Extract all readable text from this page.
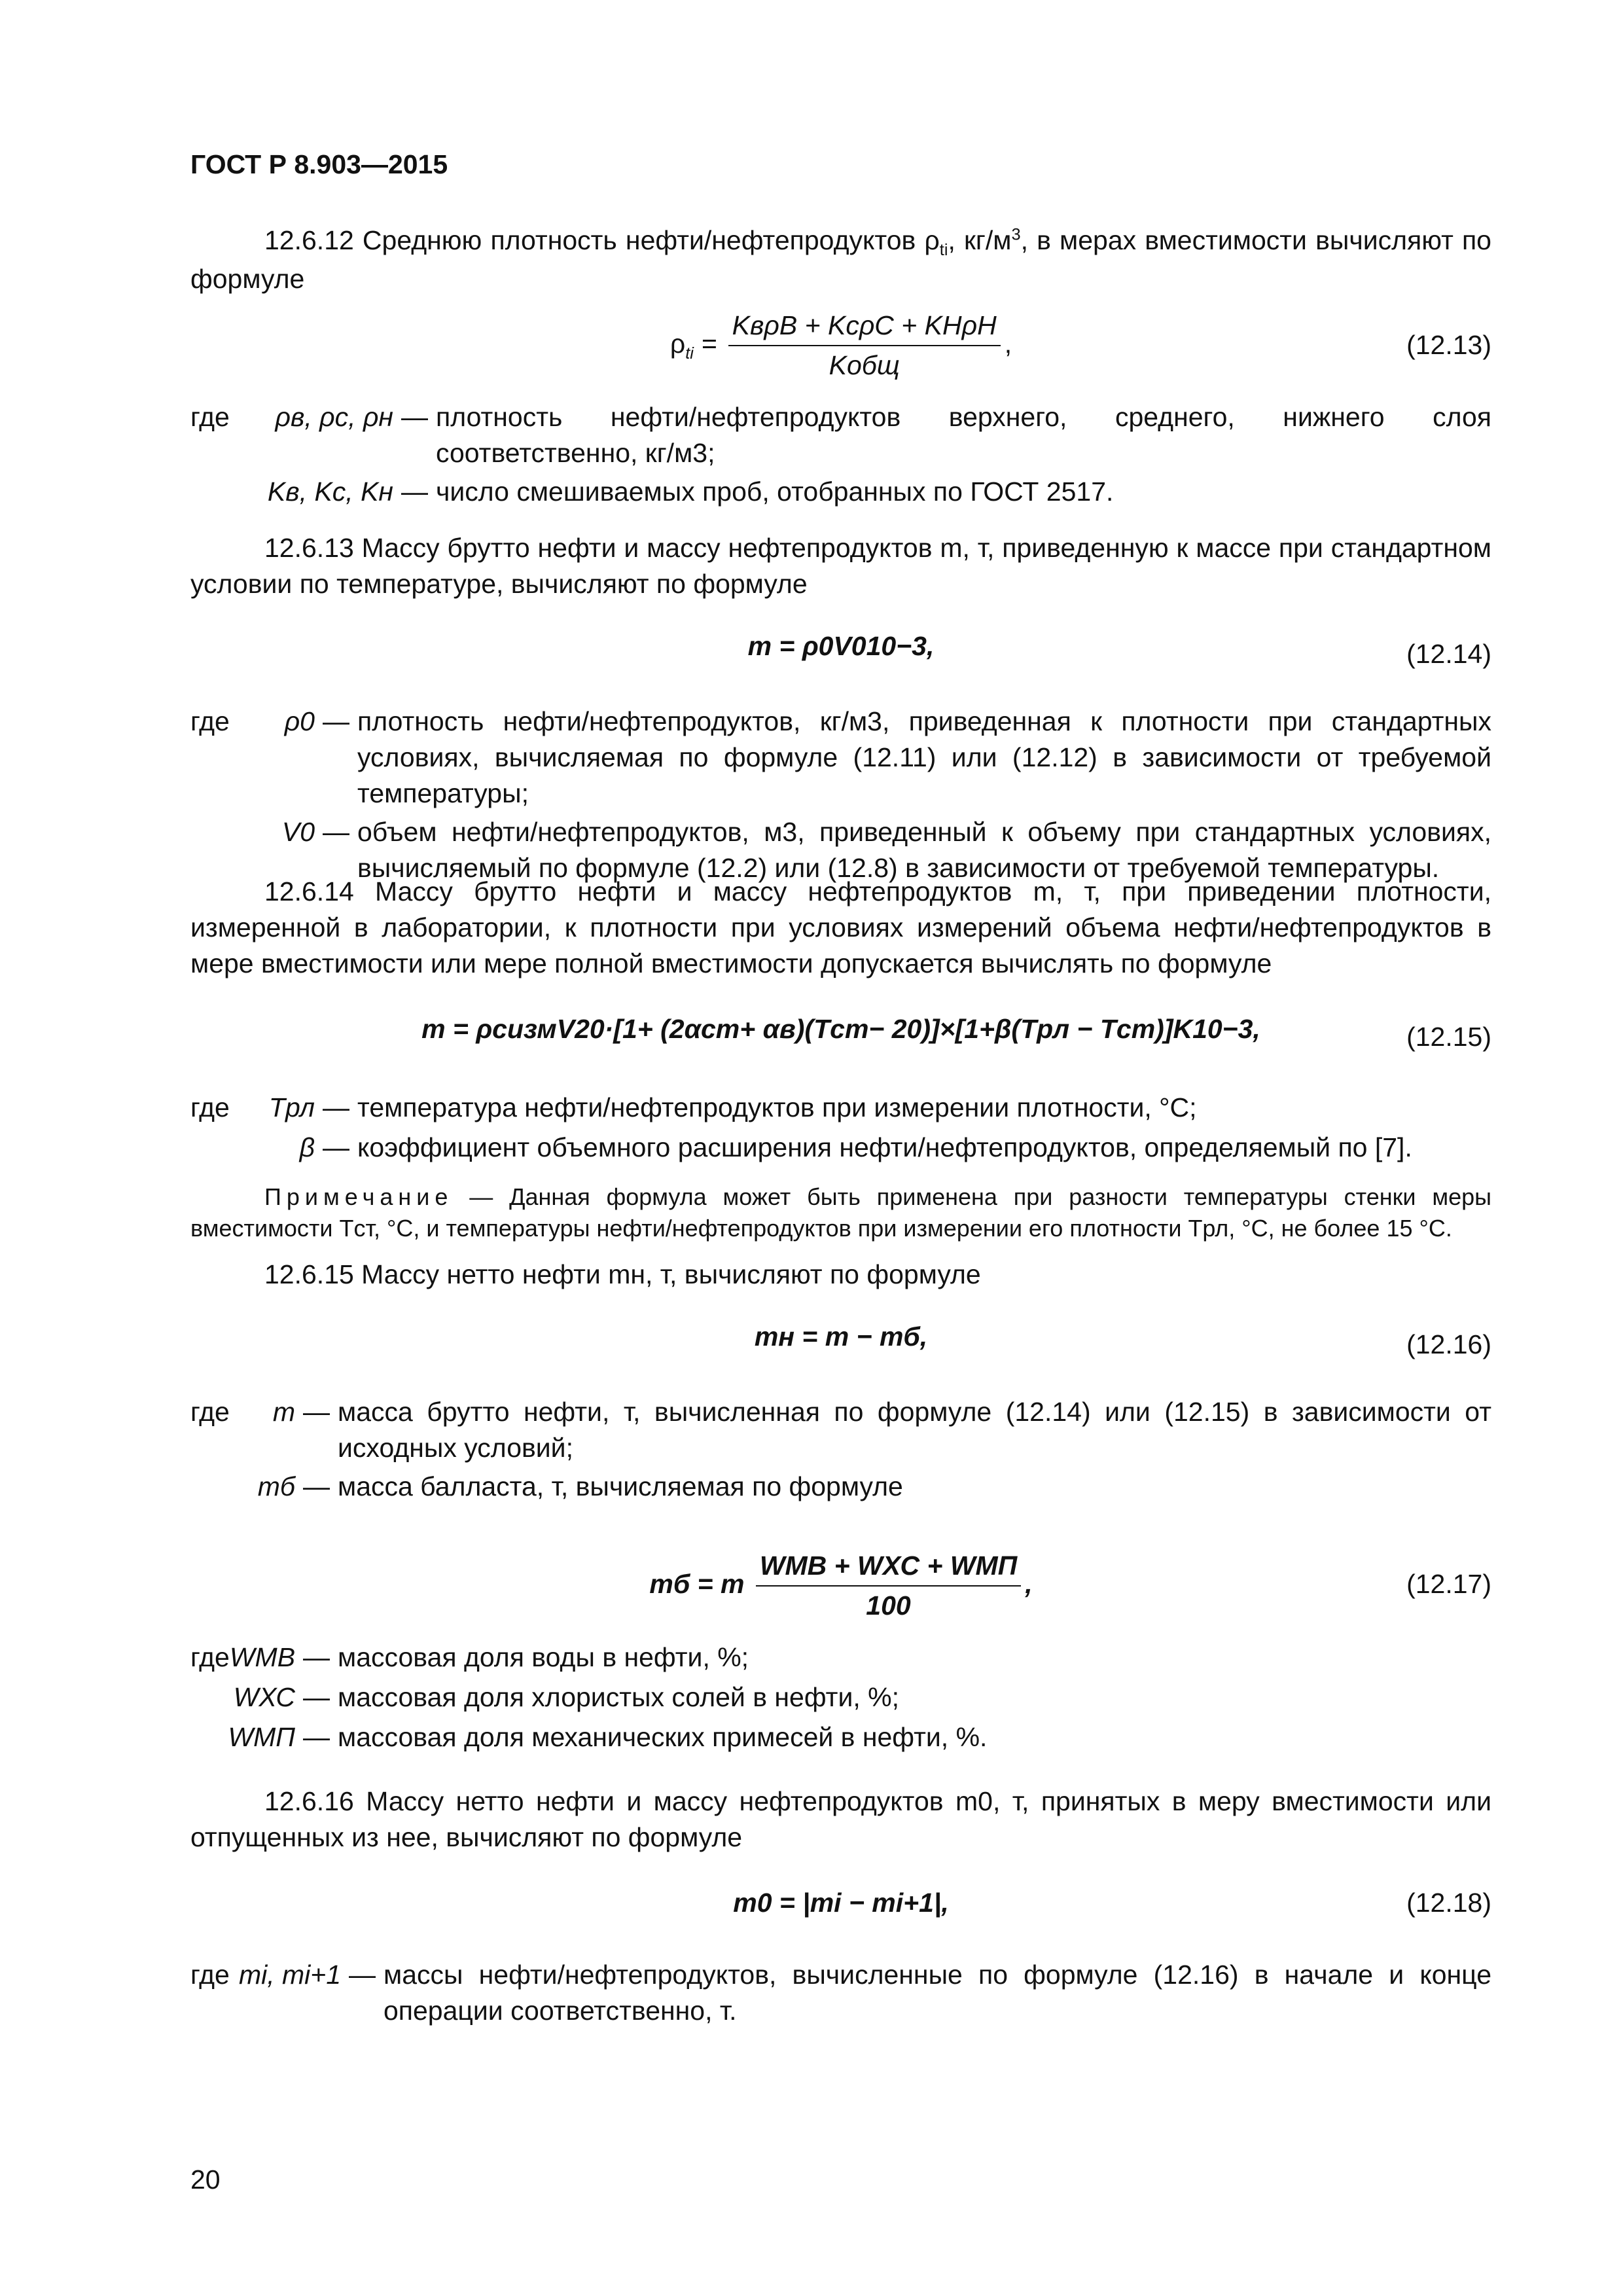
ГОСТ Р 8.903—2015

12.6.12 Среднюю плотность нефти/нефтепродуктов $\rho_{ti}$, $кг/м^3$, в мерах вместимости вычисляют по формуле

$\rho_{ti} = \frac{\text{KвρВ + KсρС + KНρН}}{\text{Kобщ}}$ ,	(12.13)
где ρв, ρс, ρн — плотность нефти/нефтепродуктов верхнего, среднего, нижнего слоя соответственно, кг/м3;
Kв, Kс, Kн — число смешиваемых проб, отобранных по ГОСТ 2517.

12.6.13 Массу брутто нефти и массу нефтепродуктов m, т, приведенную к массе при стандартном условии по температуре, вычисляют по формуле

m = ρ0V010−3,	(12.14)
где ρ0 — плотность нефти/нефтепродуктов, кг/м3, приведенная к плотности при стандартных условиях, вычисляемая по формуле (12.11) или (12.12) в зависимости от требуемой температуры;
V0 — объем нефти/нефтепродуктов, м3, приведенный к объему при стандартных условиях, вычисляемый по формуле (12.2) или (12.8) в зависимости от требуемой температуры.

12.6.14 Массу брутто нефти и массу нефтепродуктов m, т, при приведении плотности, измеренной в лаборатории, к плотности при условиях измерений объема нефти/нефтепродуктов в мере вместимости или мере полной вместимости допускается вычислять по формуле

m = ρсизмV20·[1+ (2αст+ αв)(Tст− 20)]×[1+β(Tрл − Tст)]K10−3,	(12.15)
где Tрл — температура нефти/нефтепродуктов при измерении плотности, °C;
β — коэффициент объемного расширения нефти/нефтепродуктов, определяемый по [7].

Примечание — Данная формула может быть применена при разности температуры стенки меры вместимости Tст, °C, и температуры нефти/нефтепродуктов при измерении его плотности Tрл, °C, не более 15 °C.

12.6.15 Массу нетто нефти mн, т, вычисляют по формуле

mн = m − mб,	(12.16)
где m — масса брутто нефти, т, вычисленная по формуле (12.14) или (12.15) в зависимости от исходных условий;
mб — масса балласта, т, вычисляемая по формуле
mб = m $\frac{\text{WМВ + WХС + WМП}}{100}$ ,	(12.17)
где WМВ — массовая доля воды в нефти, %;
WХС — массовая доля хлористых солей в нефти, %;
WМП — массовая доля механических примесей в нефти, %.

12.6.16 Массу нетто нефти и массу нефтепродуктов m0, т, принятых в меру вместимости или отпущенных из нее, вычисляют по формуле

m0 = |mi − mi+1|,	(12.18)
где mi, mi+1 — массы нефти/нефтепродуктов, вычисленные по формуле (12.16) в начале и конце операции соответственно, т.
20
